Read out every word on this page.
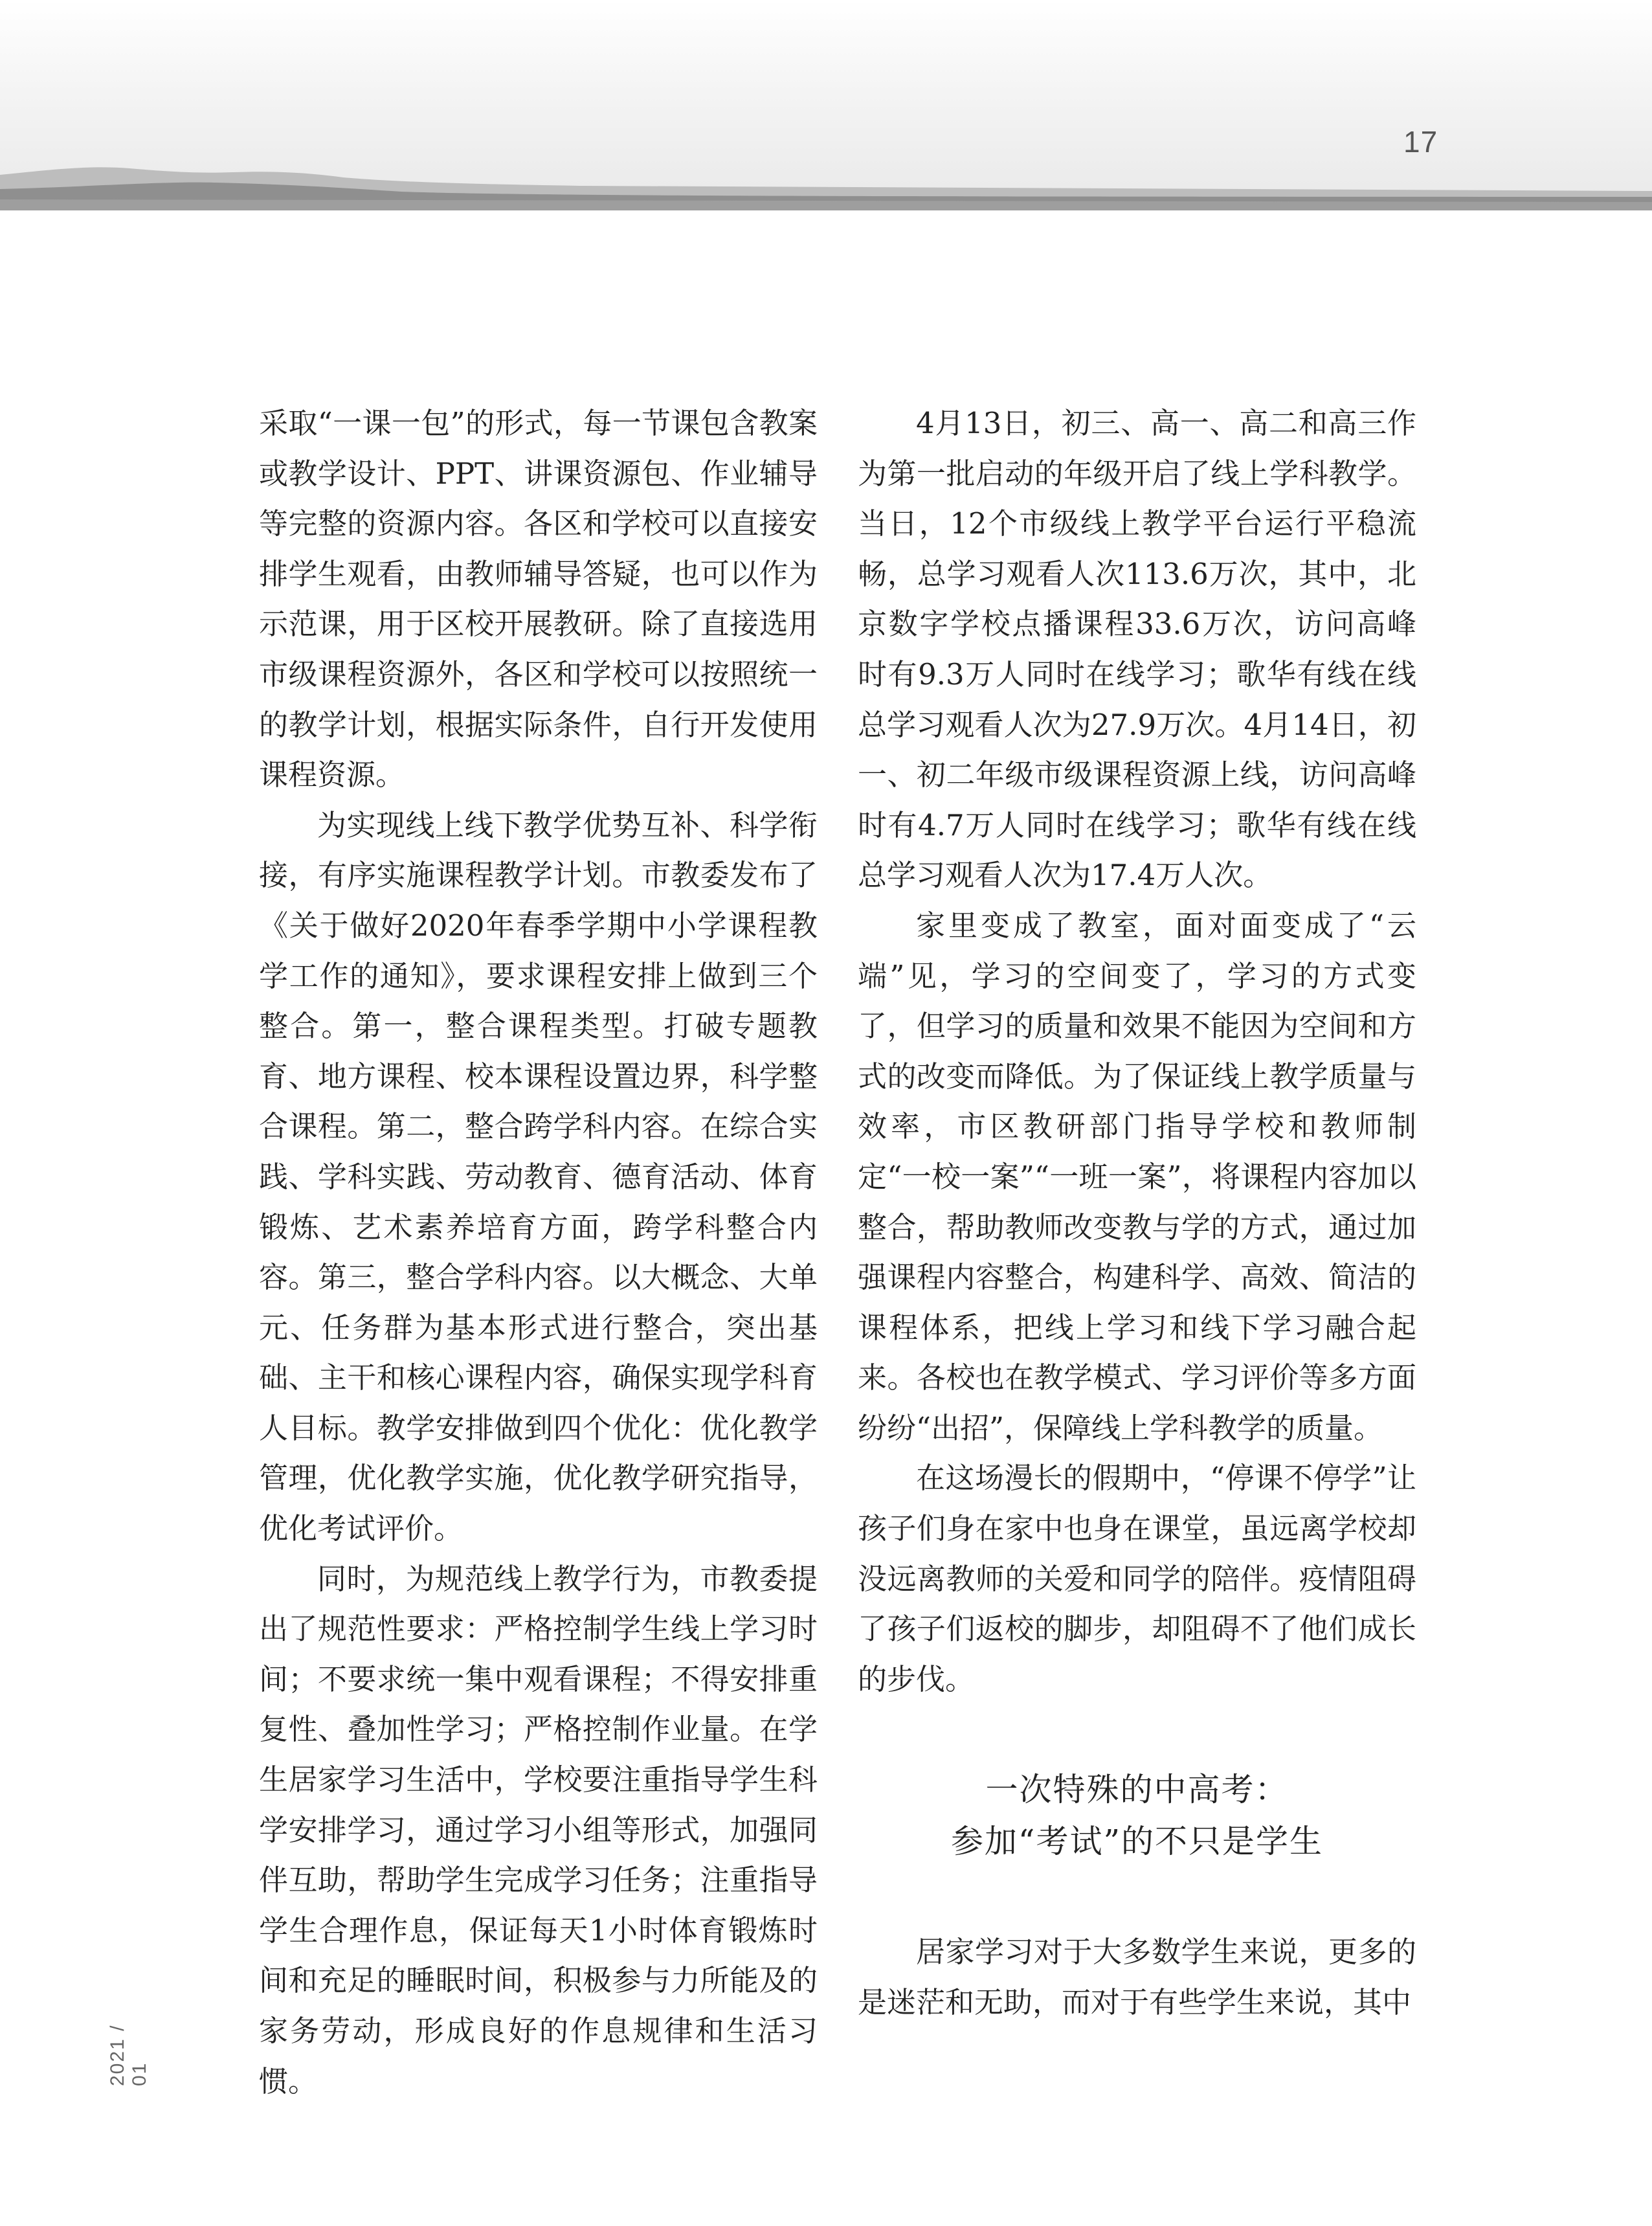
17
2021 / 01

采取“一课一包”的形式，每一节课包含教案或教学设计、PPT、讲课资源包、作业辅导等完整的资源内容。各区和学校可以直接安排学生观看，由教师辅导答疑，也可以作为示范课，用于区校开展教研。除了直接选用市级课程资源外，各区和学校可以按照统一的教学计划，根据实际条件，自行开发使用课程资源。

为实现线上线下教学优势互补、科学衔接，有序实施课程教学计划。市教委发布了《关于做好2020年春季学期中小学课程教学工作的通知》，要求课程安排上做到三个整合。第一，整合课程类型。打破专题教育、地方课程、校本课程设置边界，科学整合课程。第二，整合跨学科内容。在综合实践、学科实践、劳动教育、德育活动、体育锻炼、艺术素养培育方面，跨学科整合内容。第三，整合学科内容。以大概念、大单元、任务群为基本形式进行整合，突出基础、主干和核心课程内容，确保实现学科育人目标。教学安排做到四个优化：优化教学管理，优化教学实施，优化教学研究指导，优化考试评价。

同时，为规范线上教学行为，市教委提出了规范性要求：严格控制学生线上学习时间；不要求统一集中观看课程；不得安排重复性、叠加性学习；严格控制作业量。在学生居家学习生活中，学校要注重指导学生科学安排学习，通过学习小组等形式，加强同伴互助，帮助学生完成学习任务；注重指导学生合理作息，保证每天1小时体育锻炼时间和充足的睡眠时间，积极参与力所能及的家务劳动，形成良好的作息规律和生活习惯。

4月13日，初三、高一、高二和高三作为第一批启动的年级开启了线上学科教学。当日，12个市级线上教学平台运行平稳流畅，总学习观看人次113.6万次，其中，北京数字学校点播课程33.6万次，访问高峰时有9.3万人同时在线学习；歌华有线在线总学习观看人次为27.9万次。4月14日，初一、初二年级市级课程资源上线，访问高峰时有4.7万人同时在线学习；歌华有线在线总学习观看人次为17.4万人次。

家里变成了教室，面对面变成了“云端”见，学习的空间变了，学习的方式变了，但学习的质量和效果不能因为空间和方式的改变而降低。为了保证线上教学质量与效率，市区教研部门指导学校和教师制定“一校一案”“一班一案”，将课程内容加以整合，帮助教师改变教与学的方式，通过加强课程内容整合，构建科学、高效、简洁的课程体系，把线上学习和线下学习融合起来。各校也在教学模式、学习评价等多方面纷纷“出招”，保障线上学科教学的质量。

在这场漫长的假期中，“停课不停学”让孩子们身在家中也身在课堂，虽远离学校却没远离教师的关爱和同学的陪伴。疫情阻碍了孩子们返校的脚步，却阻碍不了他们成长的步伐。

一次特殊的中高考：
参加“考试”的不只是学生

居家学习对于大多数学生来说，更多的是迷茫和无助，而对于有些学生来说，其中
